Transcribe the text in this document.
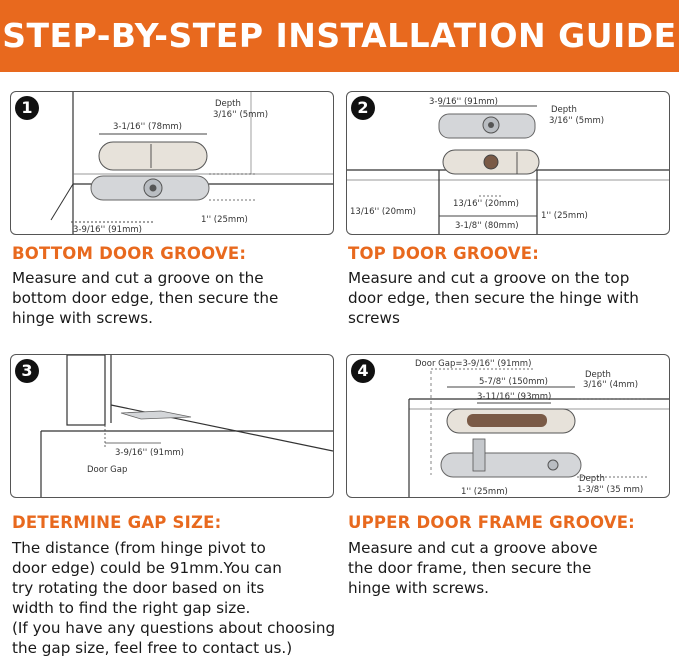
STEP-BY-STEP INSTALLATION GUIDE
Depth
3/16'' (5mm)
3-1/16'' (78mm)
1'' (25mm)
3-9/16'' (91mm)
1	3-9/16'' (91mm)
Depth
3/16'' (5mm)
13/16'' (20mm)
13/16'' (20mm)
1'' (25mm)
3-1/8'' (80mm)
2
3-9/16'' (91mm)
Door Gap
3	Door Gap=3-9/16'' (91mm)
5-7/8'' (150mm)
Depth
3/16'' (4mm)
3-11/16'' (93mm)
1'' (25mm)
Depth
1-3/8'' (35 mm)
4
BOTTOM DOOR GROOVE:	TOP DOOR GROOVE:
DETERMINE GAP SIZE:	UPPER DOOR FRAME GROOVE:
Measure and cut a groove on the
bottom door edge, then secure the
hinge with screws.
Measure and cut a groove on the top
door edge, then secure the hinge with
screws
The distance (from hinge pivot to
door edge) could be 91mm.You can
try rotating the door based on its
width to find the right gap size.
(If you have any questions about choosing
the gap size, feel free to contact us.)
Measure and cut a groove above
the door frame, then secure the
hinge with screws.
